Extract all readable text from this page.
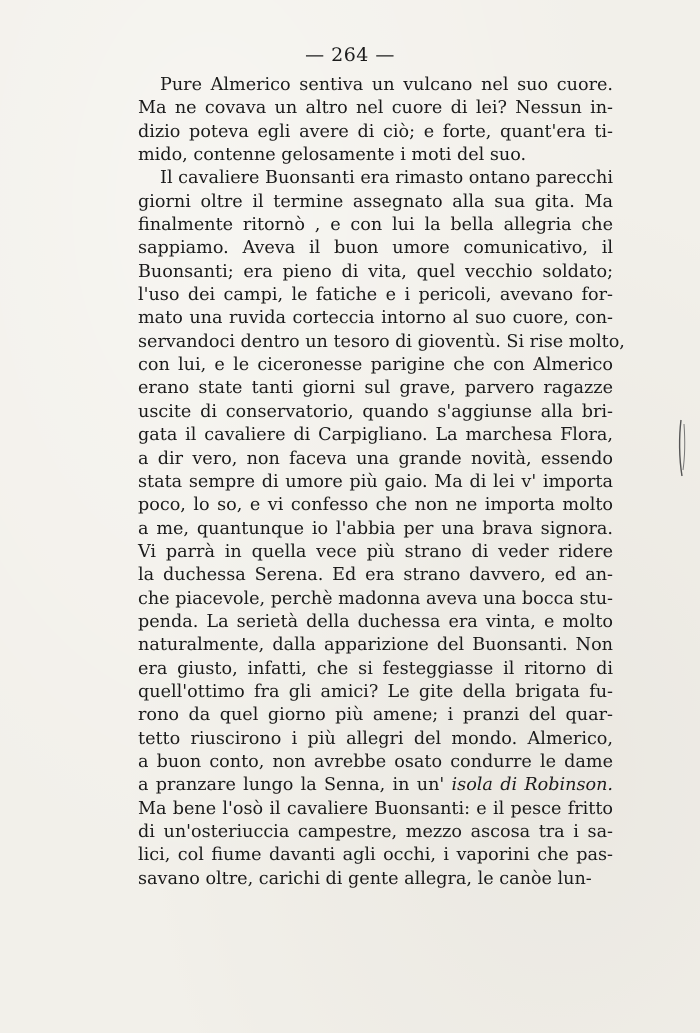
— 264 —
Pure Almerico sentiva un vulcano nel suo cuore.
Ma ne covava un altro nel cuore di lei? Nessun in-
dizio poteva egli avere di ciò; e forte, quant'era ti-
mido, contenne gelosamente i moti del suo.
Il cavaliere Buonsanti era rimasto ontano parecchi
giorni oltre il termine assegnato alla sua gita. Ma
finalmente ritornò , e con lui la bella allegria che
sappiamo. Aveva il buon umore comunicativo, il
Buonsanti; era pieno di vita, quel vecchio soldato;
l'uso dei campi, le fatiche e i pericoli, avevano for-
mato una ruvida corteccia intorno al suo cuore, con-
servandoci dentro un tesoro di gioventù. Si rise molto,
con lui, e le ciceronesse parigine che con Almerico
erano state tanti giorni sul grave, parvero ragazze
uscite di conservatorio, quando s'aggiunse alla bri-
gata il cavaliere di Carpigliano. La marchesa Flora,
a dir vero, non faceva una grande novità, essendo
stata sempre di umore più gaio. Ma di lei v' importa
poco, lo so, e vi confesso che non ne importa molto
a me, quantunque io l'abbia per una brava signora.
Vi parrà in quella vece più strano di veder ridere
la duchessa Serena. Ed era strano davvero, ed an-
che piacevole, perchè madonna aveva una bocca stu-
penda. La serietà della duchessa era vinta, e molto
naturalmente, dalla apparizione del Buonsanti. Non
era giusto, infatti, che si festeggiasse il ritorno di
quell'ottimo fra gli amici? Le gite della brigata fu-
rono da quel giorno più amene; i pranzi del quar-
tetto riuscirono i più allegri del mondo. Almerico,
a buon conto, non avrebbe osato condurre le dame
a pranzare lungo la Senna, in un' isola di Robinson.
Ma bene l'osò il cavaliere Buonsanti: e il pesce fritto
di un'osteriuccia campestre, mezzo ascosa tra i sa-
lici, col fiume davanti agli occhi, i vaporini che pas-
savano oltre, carichi di gente allegra, le canòe lun-
